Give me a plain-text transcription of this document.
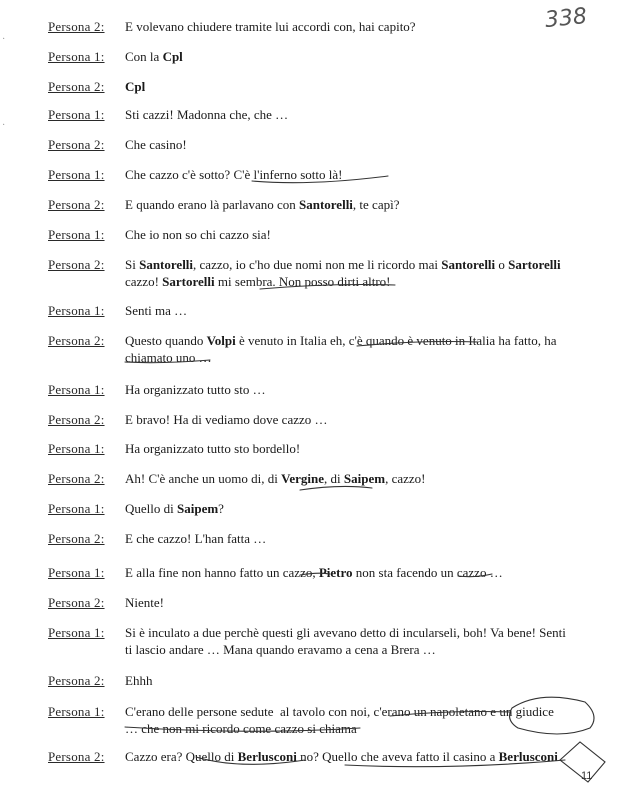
338
·
·
Persona 2: E volevano chiudere tramite lui accordi con, hai capito?
Persona 1: Con la Cpl
Persona 2: Cpl
Persona 1: Sti cazzi! Madonna che, che …
Persona 2: Che casino!
Persona 1: Che cazzo c'è sotto? C'è l'inferno sotto là!
Persona 2: E quando erano là parlavano con Santorelli, te capì?
Persona 1: Che io non so chi cazzo sia!
Persona 2: Si Santorelli, cazzo, io c'ho due nomi non me li ricordo mai Santorelli o Sartorelli
cazzo! Sartorelli mi sembra. Non posso dirti altro!
Persona 1: Senti ma …
Persona 2: Questo quando Volpi è venuto in Italia eh, c'è quando è venuto in Italia ha fatto, ha
chiamato uno …
Persona 1: Ha organizzato tutto sto …
Persona 2: E bravo! Ha di vediamo dove cazzo …
Persona 1: Ha organizzato tutto sto bordello!
Persona 2: Ah! C'è anche un uomo di, di Vergine, di Saipem, cazzo!
Persona 1: Quello di Saipem?
Persona 2: E che cazzo! L'han fatta …
Persona 1: E alla fine non hanno fatto un cazzo, Pietro non sta facendo un cazzo …
Persona 2: Niente!
Persona 1: Si è inculato a due perchè questi gli avevano detto di incularseli, boh! Va bene! Senti
ti lascio andare … Mana quando eravamo a cena a Brera …
Persona 2: Ehhh
Persona 1: C'erano delle persone sedute  al tavolo con noi, c'erano un napoletano e un giudice
… che non mi ricordo come cazzo si chiama
Persona 2: Cazzo era? Quello di Berlusconi no? Quello che aveva fatto il casino a Berlusconi
11
